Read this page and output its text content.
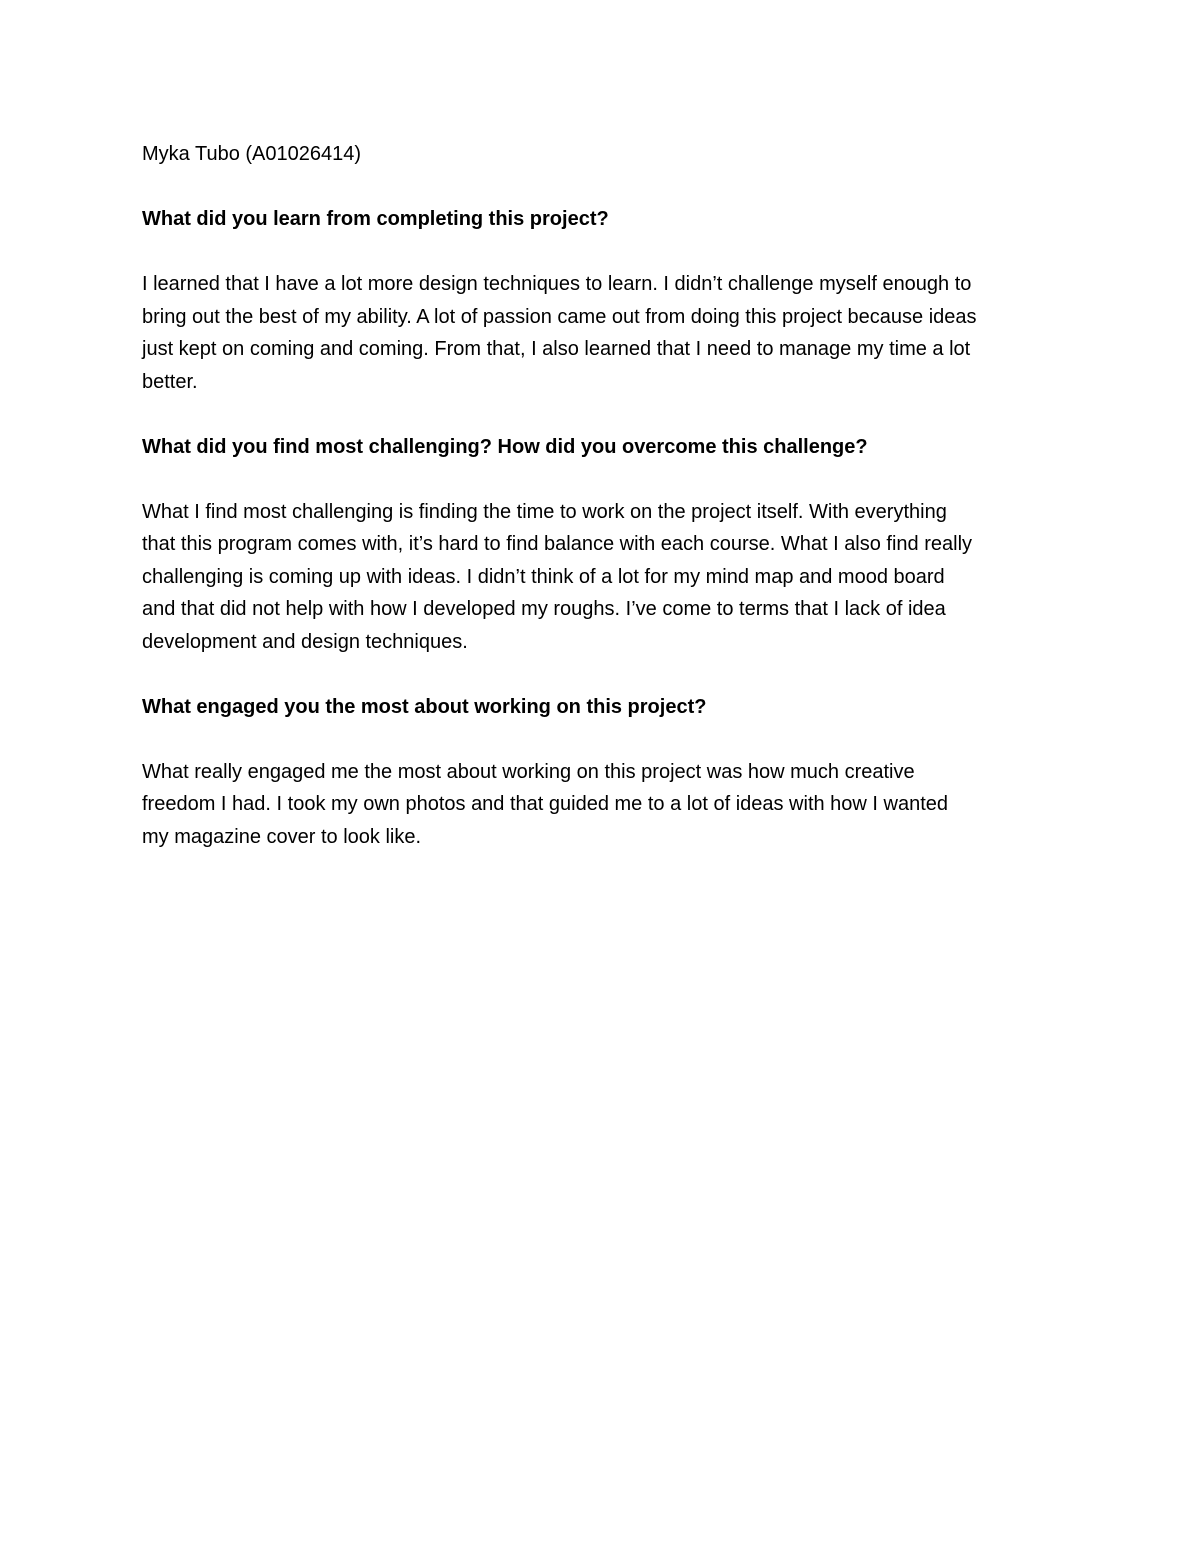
Myka Tubo (A01026414)

What did you learn from completing this project?

I learned that I have a lot more design techniques to learn. I didn’t challenge myself enough to
bring out the best of my ability. A lot of passion came out from doing this project because ideas
just kept on coming and coming. From that, I also learned that I need to manage my time a lot
better.

What did you find most challenging? How did you overcome this challenge?

What I find most challenging is finding the time to work on the project itself. With everything
that this program comes with, it’s hard to find balance with each course. What I also find really
challenging is coming up with ideas. I didn’t think of a lot for my mind map and mood board
and that did not help with how I developed my roughs. I’ve come to terms that I lack of idea
development and design techniques.

What engaged you the most about working on this project?

What really engaged me the most about working on this project was how much creative
freedom I had. I took my own photos and that guided me to a lot of ideas with how I wanted
my magazine cover to look like.
